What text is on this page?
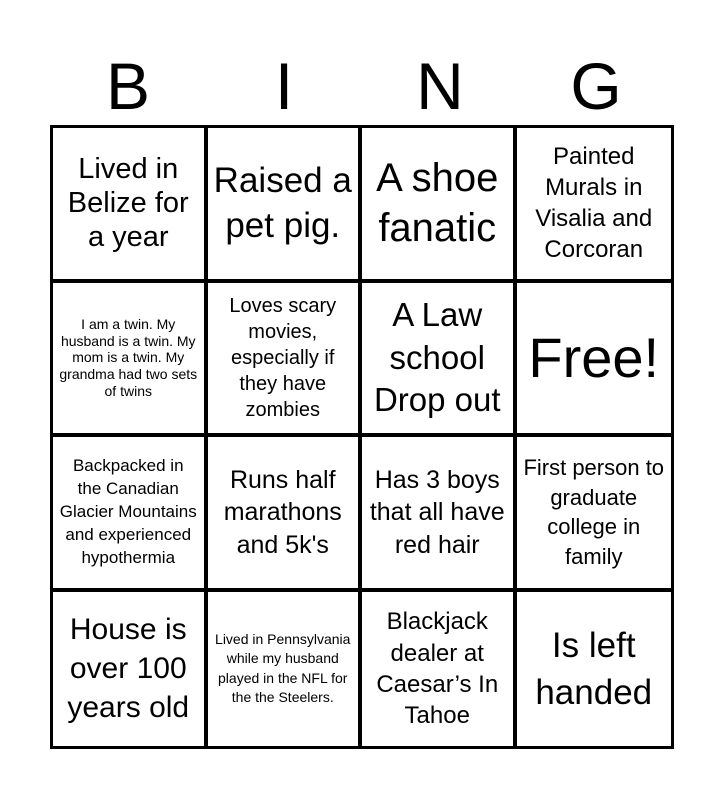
B	I	N	G
Lived in Belize for a year
Raised a pet pig.
A shoe fanatic
Painted Murals in Visalia and Corcoran
I am a twin. My husband is a twin. My mom is a twin. My grandma had two sets of twins
Loves scary movies, especially if they have zombies
A Law school Drop out
Free!
Backpacked in the Canadian Glacier Mountains and experienced hypothermia
Runs half marathons and 5k's
Has 3 boys that all have red hair
First person to graduate college in family
House is over 100 years old
Lived in Pennsylvania while my husband played in the NFL for the the Steelers.
Blackjack dealer at Caesar’s In Tahoe
Is left handed
